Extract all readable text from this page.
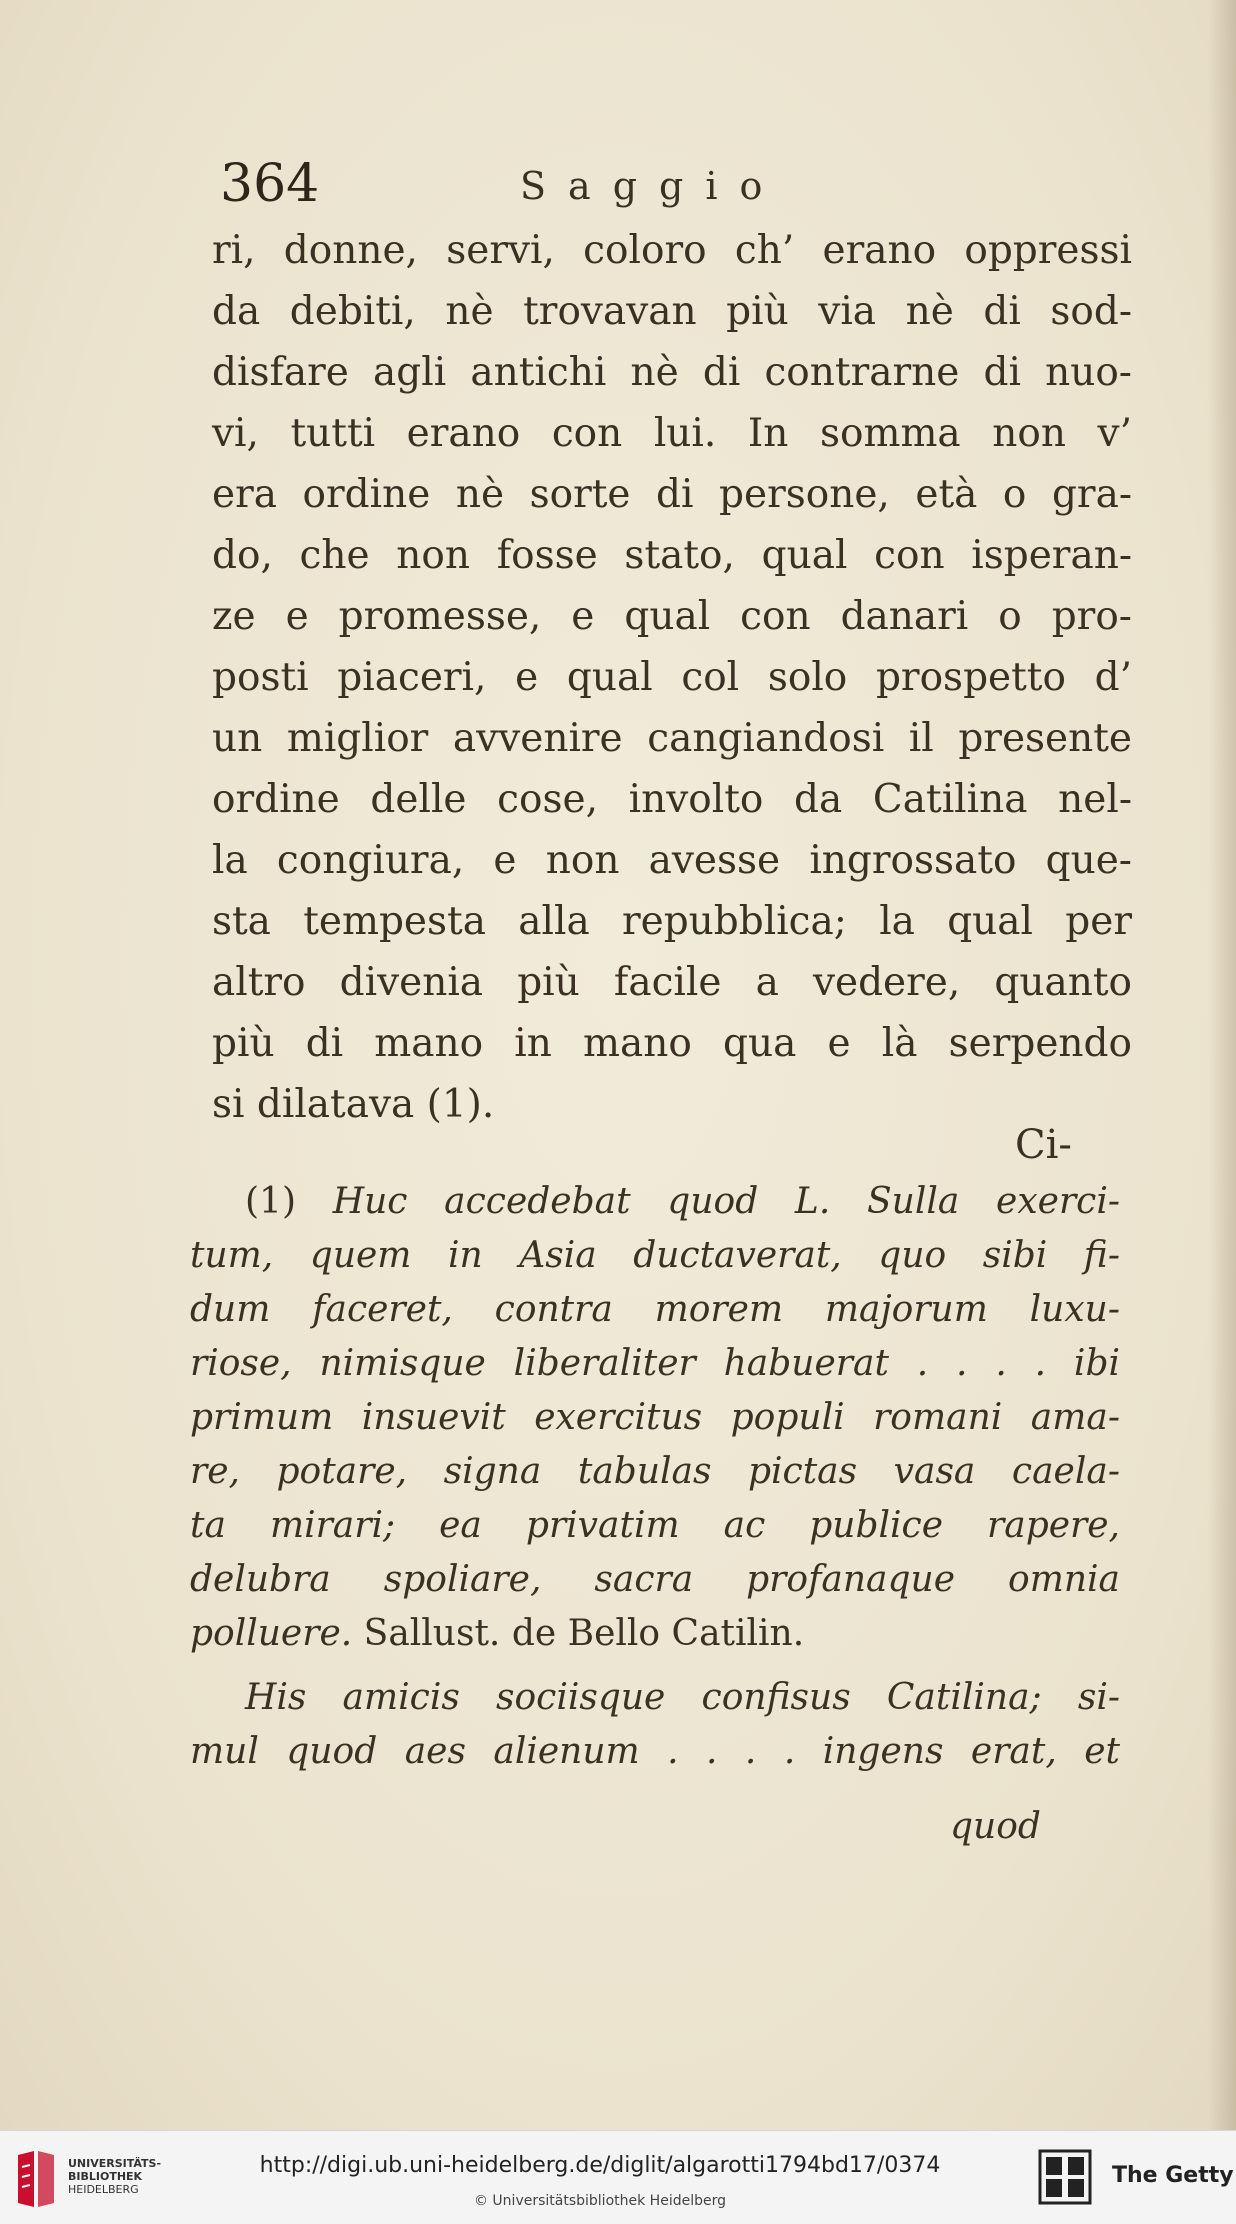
364	Saggio
ri, donne, servi, coloro ch’ erano oppressi
da debiti, nè trovavan più via nè di sod-
disfare agli antichi nè di contrarne di nuo-
vi, tutti erano con lui. In somma non v’
era ordine nè sorte di persone, età o gra-
do, che non fosse stato, qual con isperan-
ze e promesse, e qual con danari o pro-
posti piaceri, e qual col solo prospetto d’
un miglior avvenire cangiandosi il presente
ordine delle cose, involto da Catilina nel-
la congiura, e non avesse ingrossato que-
sta tempesta alla repubblica; la qual per
altro divenia più facile a vedere, quanto
più di mano in mano qua e là serpendo
si dilatava (1).
Ci-
(1) Huc accedebat quod L. Sulla exerci-
tum, quem in Asia ductaverat, quo sibi fi-
dum faceret, contra morem majorum luxu-
riose, nimisque liberaliter habuerat . . . . ibi
primum insuevit exercitus populi romani ama-
re, potare, signa tabulas pictas vasa caela-
ta mirari; ea privatim ac publice rapere,
delubra spoliare, sacra profanaque omnia
polluere. Sallust. de Bello Catilin.
His amicis sociisque confisus Catilina; si-
mul quod aes alienum . . . . ingens erat, et
quod
UNIVERSITÄTS-
BIBLIOTHEK
HEIDELBERG
http://digi.ub.uni-heidelberg.de/diglit/algarotti1794bd17/0374
© Universitätsbibliothek Heidelberg
The Getty
